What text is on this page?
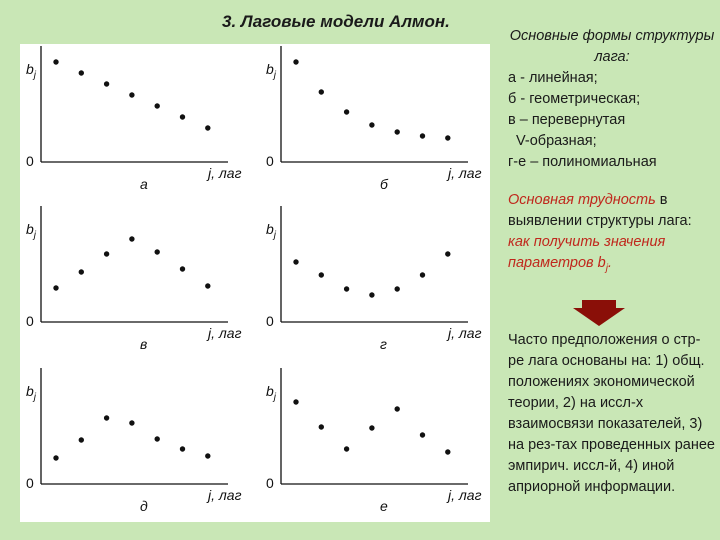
3. Лаговые модели Алмон.
$b_j$
0
j, лаг
а
$b_j$
0
j, лаг
б
$b_j$
0
j, лаг
в
$b_j$
0
j, лаг
г
$b_j$
0
j, лаг
д
$b_j$
0
j, лаг
е
Основные формы структуры лага:
а - линейная;
б - геометрическая;
в – перевернутая
V-образная;
г-е – полиномиальная
Основная трудность в выявлении структуры лага: как получить значения параметров $b_j$.
Часто предположения о стр-ре лага основаны на: 1) общ. положениях экономической теории, 2) на иссл-х взаимосвязи показателей, 3) на рез-тах проведенных ранее эмпирич. иссл-й, 4) иной априорной информации.
